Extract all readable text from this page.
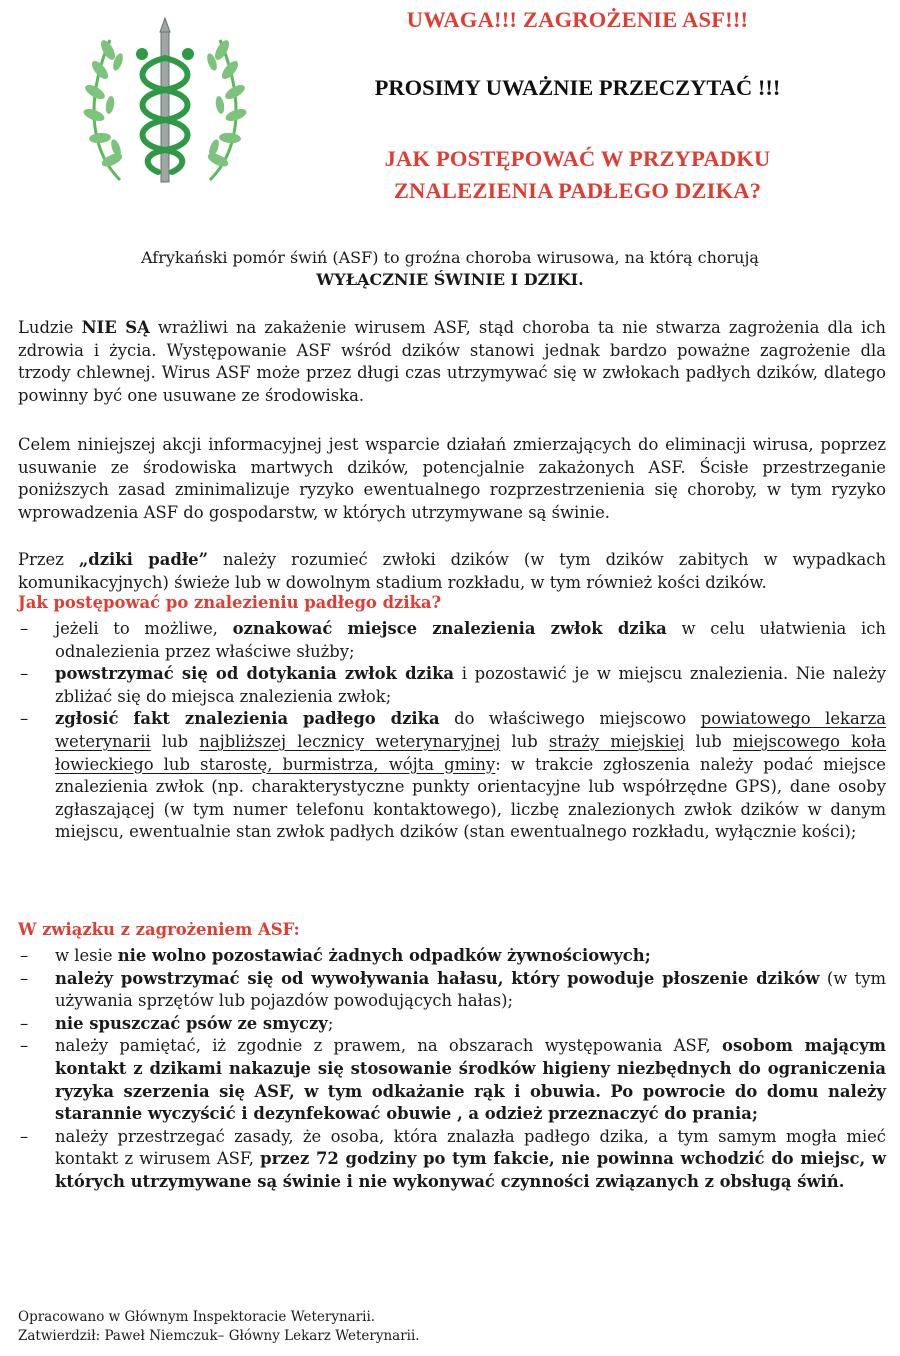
UWAGA!!! ZAGROŻENIE ASF!!!
PROSIMY UWAŻNIE PRZECZYTAĆ !!!
JAK POSTĘPOWAĆ W PRZYPADKU
ZNALEZIENIA PADŁEGO DZIKA?
Afrykański pomór świń (ASF) to groźna choroba wirusowa, na którą chorują
WYŁĄCZNIE ŚWINIE I DZIKI.
Ludzie NIE SĄ wrażliwi na zakażenie wirusem ASF, stąd choroba ta nie stwarza zagrożenia dla ich zdrowia i życia. Występowanie ASF wśród dzików stanowi jednak bardzo poważne zagrożenie dla trzody chlewnej. Wirus ASF może przez długi czas utrzymywać się w zwłokach padłych dzików, dlatego powinny być one usuwane ze środowiska.
Celem niniejszej akcji informacyjnej jest wsparcie działań zmierzających do eliminacji wirusa, poprzez usuwanie ze środowiska martwych dzików, potencjalnie zakażonych ASF. Ścisłe przestrzeganie poniższych zasad zminimalizuje ryzyko ewentualnego rozprzestrzenienia się choroby, w tym ryzyko wprowadzenia ASF do gospodarstw, w których utrzymywane są świnie.
Przez „dziki padłe” należy rozumieć zwłoki dzików (w tym dzików zabitych w wypadkach komunikacyjnych) świeże lub w dowolnym stadium rozkładu, w tym również kości dzików.
Jak postępować po znalezieniu padłego dzika?
– jeżeli to możliwe, oznakować miejsce znalezienia zwłok dzika w celu ułatwienia ich odnalezienia przez właściwe służby;
– powstrzymać się od dotykania zwłok dzika i pozostawić je w miejscu znalezienia. Nie należy zbliżać się do miejsca znalezienia zwłok;
– zgłosić fakt znalezienia padłego dzika do właściwego miejscowo powiatowego lekarza weterynarii lub najbliższej lecznicy weterynaryjnej lub straży miejskiej lub miejscowego koła łowieckiego lub starostę, burmistrza, wójta gminy: w trakcie zgłoszenia należy podać miejsce znalezienia zwłok (np. charakterystyczne punkty orientacyjne lub współrzędne GPS), dane osoby zgłaszającej (w tym numer telefonu kontaktowego), liczbę znalezionych zwłok dzików w danym miejscu, ewentualnie stan zwłok padłych dzików (stan ewentualnego rozkładu, wyłącznie kości);
W związku z zagrożeniem ASF:
– w lesie nie wolno pozostawiać żadnych odpadków żywnościowych;
– należy powstrzymać się od wywoływania hałasu, który powoduje płoszenie dzików (w tym używania sprzętów lub pojazdów powodujących hałas);
– nie spuszczać psów ze smyczy;
– należy pamiętać, iż zgodnie z prawem, na obszarach występowania ASF, osobom mającym kontakt z dzikami nakazuje się stosowanie środków higieny niezbędnych do ograniczenia ryzyka szerzenia się ASF, w tym odkażanie rąk i obuwia. Po powrocie do domu należy starannie wyczyścić i dezynfekować obuwie , a odzież przeznaczyć do prania;
– należy przestrzegać zasady, że osoba, która znalazła padłego dzika, a tym samym mogła mieć kontakt z wirusem ASF, przez 72 godziny po tym fakcie, nie powinna wchodzić do miejsc, w których utrzymywane są świnie i nie wykonywać czynności związanych z obsługą świń.
Opracowano w Głównym Inspektoracie Weterynarii.
Zatwierdził: Paweł Niemczuk– Główny Lekarz Weterynarii.
